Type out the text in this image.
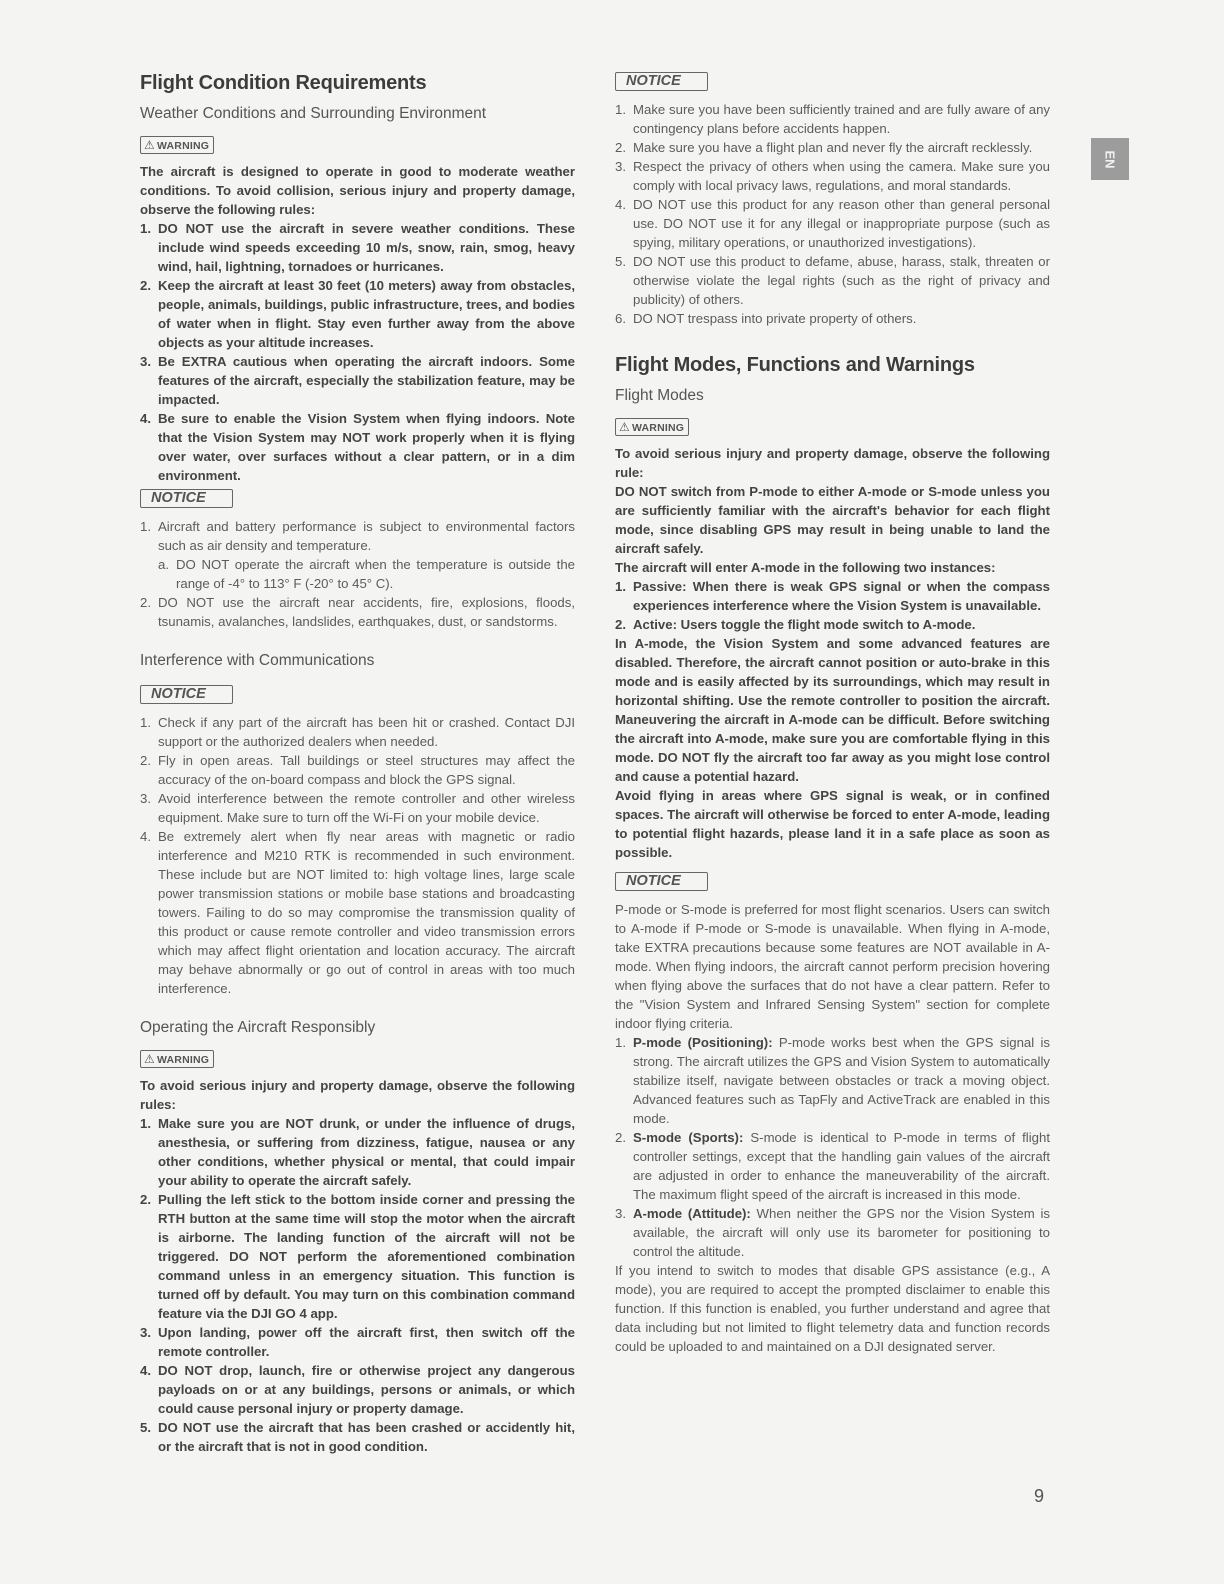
Flight Condition Requirements
Weather Conditions and Surrounding Environment
⚠ WARNING

The aircraft is designed to operate in good to moderate weather conditions. To avoid collision, serious injury and property damage, observe the following rules:

1. DO NOT use the aircraft in severe weather conditions. These include wind speeds exceeding 10 m/s, snow, rain, smog, heavy wind, hail, lightning, tornadoes or hurricanes.
2. Keep the aircraft at least 30 feet (10 meters) away from obstacles, people, animals, buildings, public infrastructure, trees, and bodies of water when in flight. Stay even further away from the above objects as your altitude increases.
3. Be EXTRA cautious when operating the aircraft indoors. Some features of the aircraft, especially the stabilization feature, may be impacted.
4. Be sure to enable the Vision System when flying indoors. Note that the Vision System may NOT work properly when it is flying over water, over surfaces without a clear pattern, or in a dim environment.
NOTICE
1. Aircraft and battery performance is subject to environmental factors such as air density and temperature.
a. DO NOT operate the aircraft when the temperature is outside the range of -4° to 113° F (-20° to 45° C).
2. DO NOT use the aircraft near accidents, fire, explosions, floods, tsunamis, avalanches, landslides, earthquakes, dust, or sandstorms.
Interference with Communications
NOTICE
1. Check if any part of the aircraft has been hit or crashed. Contact DJI support or the authorized dealers when needed.
2. Fly in open areas. Tall buildings or steel structures may affect the accuracy of the on-board compass and block the GPS signal.
3. Avoid interference between the remote controller and other wireless equipment. Make sure to turn off the Wi-Fi on your mobile device.
4. Be extremely alert when fly near areas with magnetic or radio interference and M210 RTK is recommended in such environment. These include but are NOT limited to: high voltage lines, large scale power transmission stations or mobile base stations and broadcasting towers. Failing to do so may compromise the transmission quality of this product or cause remote controller and video transmission errors which may affect flight orientation and location accuracy. The aircraft may behave abnormally or go out of control in areas with too much interference.
Operating the Aircraft Responsibly
⚠ WARNING

To avoid serious injury and property damage, observe the following rules:

1. Make sure you are NOT drunk, or under the influence of drugs, anesthesia, or suffering from dizziness, fatigue, nausea or any other conditions, whether physical or mental, that could impair your ability to operate the aircraft safely.
2. Pulling the left stick to the bottom inside corner and pressing the RTH button at the same time will stop the motor when the aircraft is airborne. The landing function of the aircraft will not be triggered. DO NOT perform the aforementioned combination command unless in an emergency situation. This function is turned off by default. You may turn on this combination command feature via the DJI GO 4 app.
3. Upon landing, power off the aircraft first, then switch off the remote controller.
4. DO NOT drop, launch, fire or otherwise project any dangerous payloads on or at any buildings, persons or animals, or which could cause personal injury or property damage.
5. DO NOT use the aircraft that has been crashed or accidently hit, or the aircraft that is not in good condition.
NOTICE
1. Make sure you have been sufficiently trained and are fully aware of any contingency plans before accidents happen.
2. Make sure you have a flight plan and never fly the aircraft recklessly.
3. Respect the privacy of others when using the camera. Make sure you comply with local privacy laws, regulations, and moral standards.
4. DO NOT use this product for any reason other than general personal use. DO NOT use it for any illegal or inappropriate purpose (such as spying, military operations, or unauthorized investigations).
5. DO NOT use this product to defame, abuse, harass, stalk, threaten or otherwise violate the legal rights (such as the right of privacy and publicity) of others.
6. DO NOT trespass into private property of others.
Flight Modes, Functions and Warnings
Flight Modes
⚠ WARNING

To avoid serious injury and property damage, observe the following rule:

DO NOT switch from P-mode to either A-mode or S-mode unless you are sufficiently familiar with the aircraft's behavior for each flight mode, since disabling GPS may result in being unable to land the aircraft safely.

The aircraft will enter A-mode in the following two instances:

1. Passive: When there is weak GPS signal or when the compass experiences interference where the Vision System is unavailable.
2. Active: Users toggle the flight mode switch to A-mode.

In A-mode, the Vision System and some advanced features are disabled. Therefore, the aircraft cannot position or auto-brake in this mode and is easily affected by its surroundings, which may result in horizontal shifting. Use the remote controller to position the aircraft. Maneuvering the aircraft in A-mode can be difficult. Before switching the aircraft into A-mode, make sure you are comfortable flying in this mode. DO NOT fly the aircraft too far away as you might lose control and cause a potential hazard.

Avoid flying in areas where GPS signal is weak, or in confined spaces. The aircraft will otherwise be forced to enter A-mode, leading to potential flight hazards, please land it in a safe place as soon as possible.

NOTICE

P-mode or S-mode is preferred for most flight scenarios. Users can switch to A-mode if P-mode or S-mode is unavailable. When flying in A-mode, take EXTRA precautions because some features are NOT available in A-mode. When flying indoors, the aircraft cannot perform precision hovering when flying above the surfaces that do not have a clear pattern. Refer to the "Vision System and Infrared Sensing System" section for complete indoor flying criteria.

1. P-mode (Positioning): P-mode works best when the GPS signal is strong. The aircraft utilizes the GPS and Vision System to automatically stabilize itself, navigate between obstacles or track a moving object. Advanced features such as TapFly and ActiveTrack are enabled in this mode.
2. S-mode (Sports): S-mode is identical to P-mode in terms of flight controller settings, except that the handling gain values of the aircraft are adjusted in order to enhance the maneuverability of the aircraft. The maximum flight speed of the aircraft is increased in this mode.
3. A-mode (Attitude): When neither the GPS nor the Vision System is available, the aircraft will only use its barometer for positioning to control the altitude.

If you intend to switch to modes that disable GPS assistance (e.g., A mode), you are required to accept the prompted disclaimer to enable this function. If this function is enabled, you further understand and agree that data including but not limited to flight telemetry data and function records could be uploaded to and maintained on a DJI designated server.

EN
9
